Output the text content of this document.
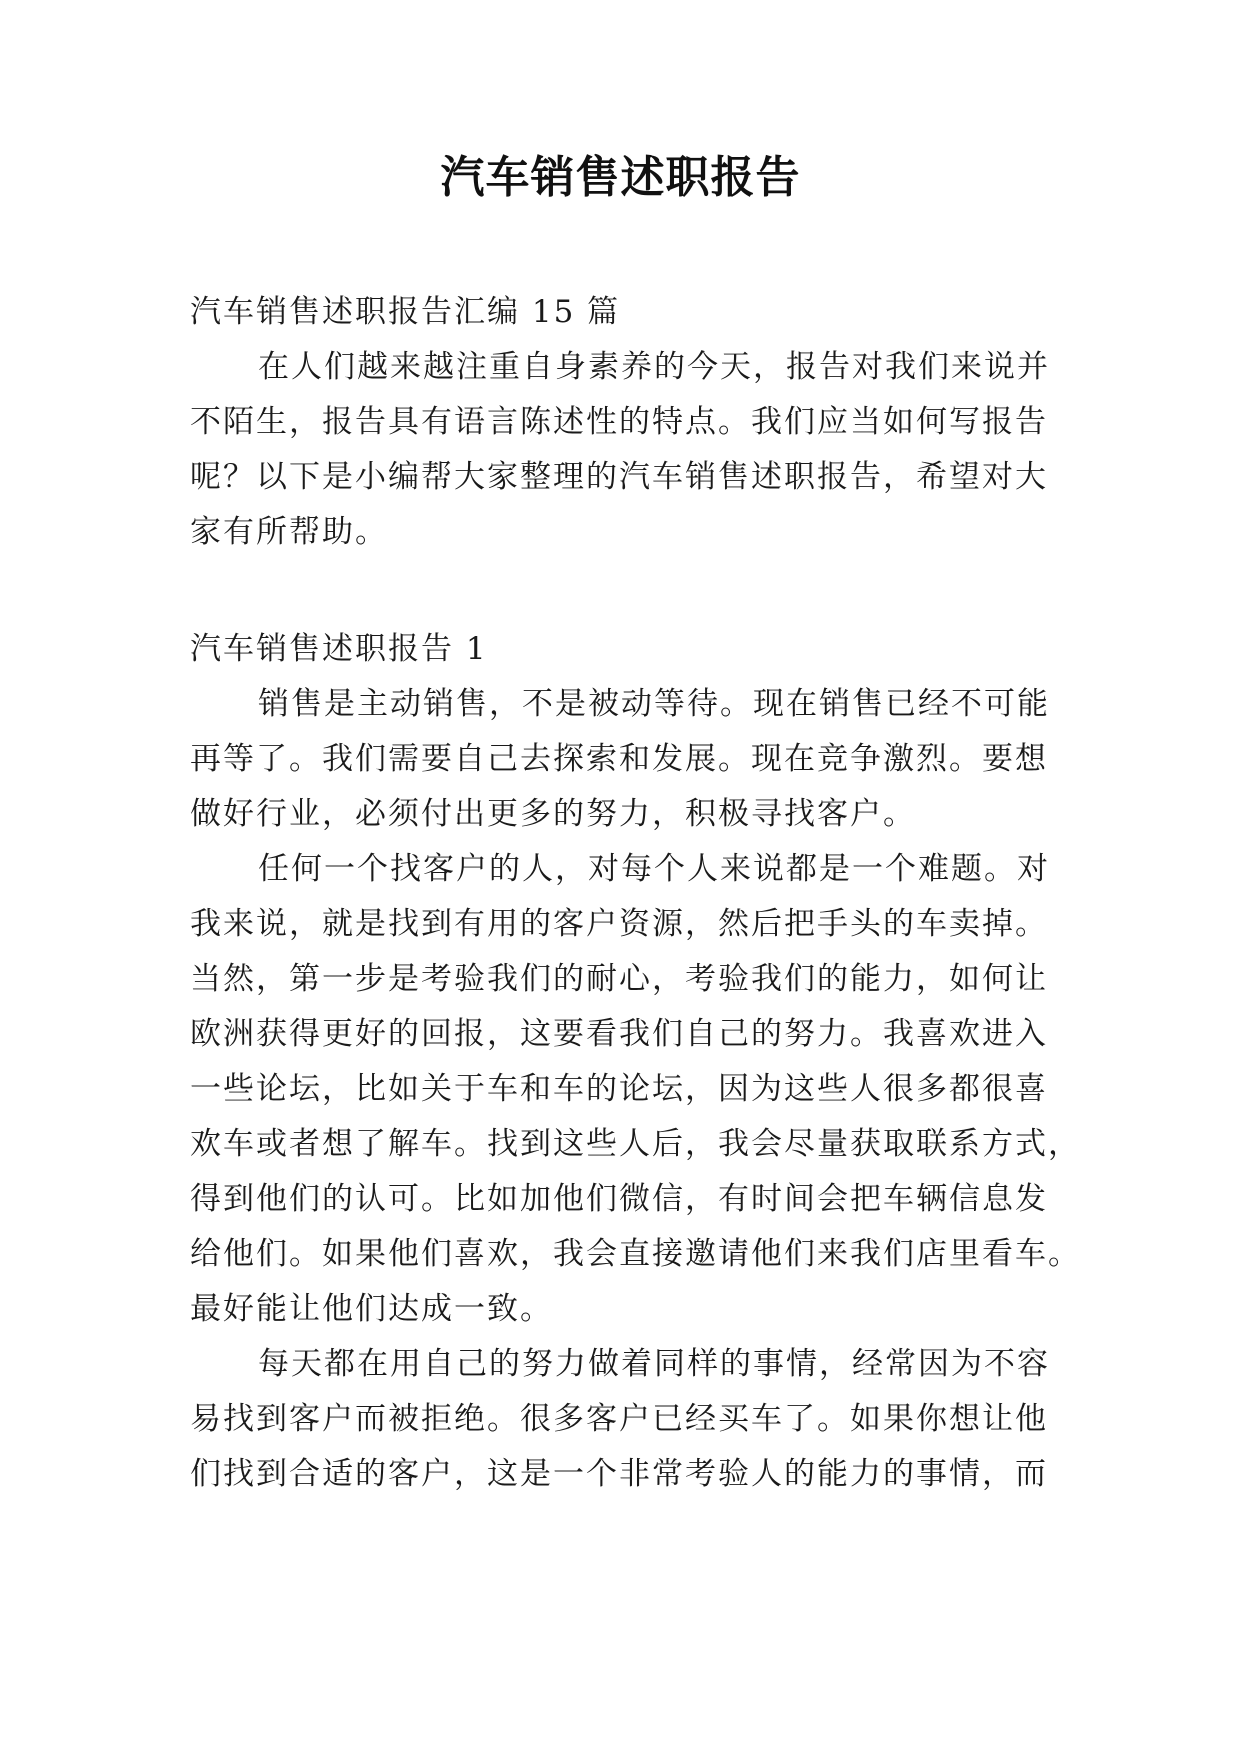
汽车销售述职报告

汽车销售述职报告汇编 15 篇

在人们越来越注重自身素养的今天，报告对我们来说并

不陌生，报告具有语言陈述性的特点。我们应当如何写报告

呢？以下是小编帮大家整理的汽车销售述职报告，希望对大

家有所帮助。

汽车销售述职报告 1

销售是主动销售，不是被动等待。现在销售已经不可能

再等了。我们需要自己去探索和发展。现在竞争激烈。要想

做好行业，必须付出更多的努力，积极寻找客户。

任何一个找客户的人，对每个人来说都是一个难题。对

我来说，就是找到有用的客户资源，然后把手头的车卖掉。

当然，第一步是考验我们的耐心，考验我们的能力，如何让

欧洲获得更好的回报，这要看我们自己的努力。我喜欢进入

一些论坛，比如关于车和车的论坛，因为这些人很多都很喜

欢车或者想了解车。找到这些人后，我会尽量获取联系方式，

得到他们的认可。比如加他们微信，有时间会把车辆信息发

给他们。如果他们喜欢，我会直接邀请他们来我们店里看车。

最好能让他们达成一致。

每天都在用自己的努力做着同样的事情，经常因为不容

易找到客户而被拒绝。很多客户已经买车了。如果你想让他

们找到合适的客户，这是一个非常考验人的能力的事情，而
